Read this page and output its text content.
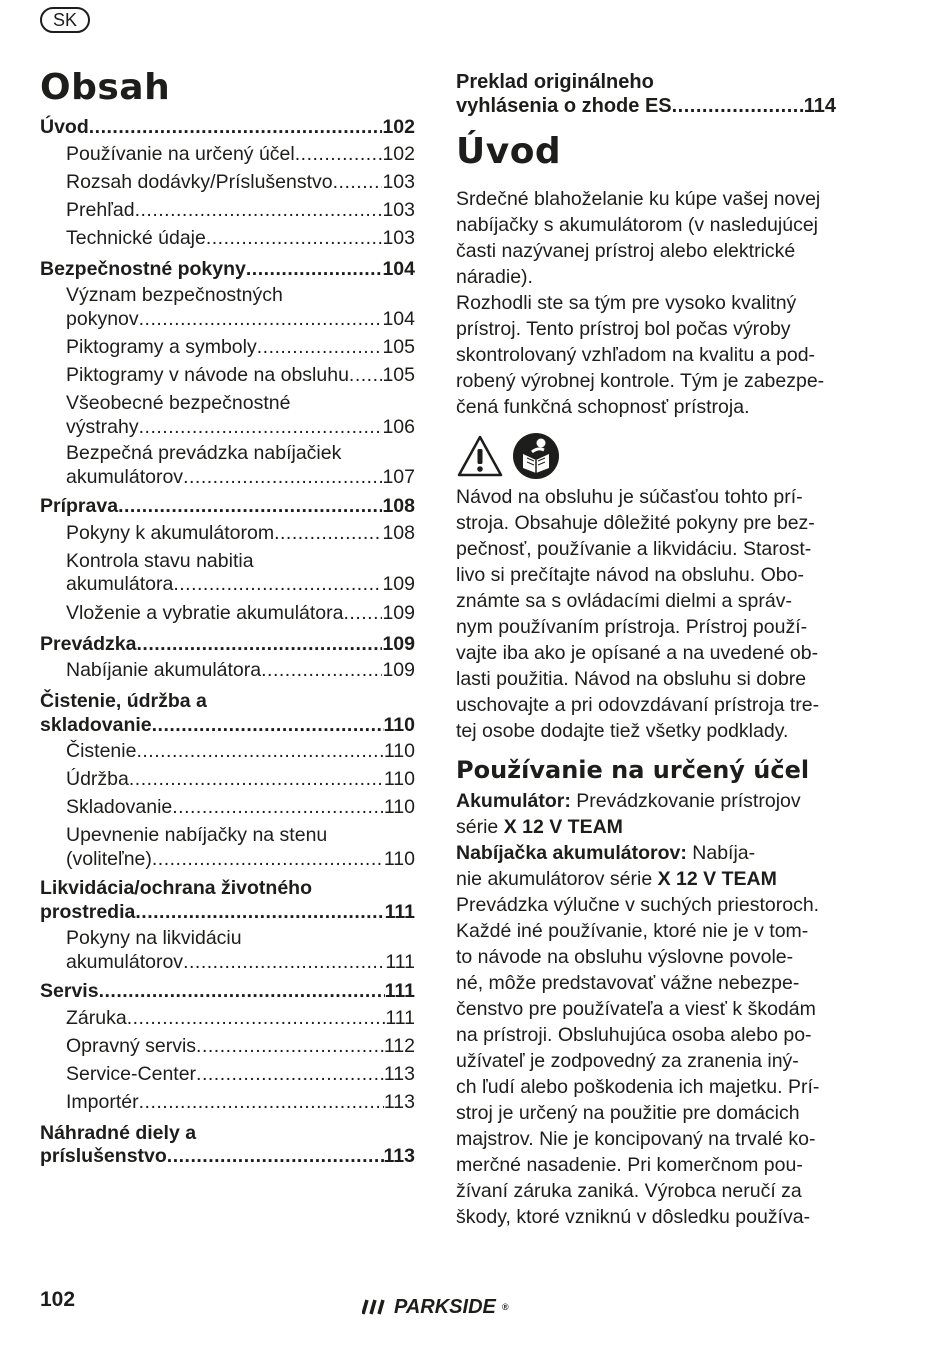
SK
Obsah
Úvod .....	102
Používanie na určený účel .....	102
Rozsah dodávky/Príslušenstvo .....	103
Prehľad .....	103
Technické údaje .....	103
Bezpečnostné pokyny .....	104
Význam bezpečnostných
pokynov .....	104
Piktogramy a symboly .....	105
Piktogramy v návode na obsluhu ..... 105
Všeobecné bezpečnostné
výstrahy .....	106
Bezpečná prevádzka nabíjačiek
akumulátorov .....	107
Príprava .....	108
Pokyny k akumulátorom .....	108
Kontrola stavu nabitia
akumulátora .....	109
Vloženie a vybratie akumulátora ..... 109
Prevádzka .....	109
Nabíjanie akumulátora .....	109
Čistenie, údržba a
skladovanie .....	110
Čistenie .....	110
Údržba .....	110
Skladovanie .....	110
Upevnenie nabíjačky na stenu
(voliteľne) .....	110
Likvidácia/ochrana životného
prostredia .....	111
Pokyny na likvidáciu
akumulátorov .....	111
Servis .....	111
Záruka .....	111
Opravný servis .....	112
Service-Center .....	113
Importér .....	113
Náhradné diely a
príslušenstvo .....	113
Preklad originálneho
vyhlásenia o zhode ES .....	114
Úvod

Srdečné blahoželanie ku kúpe vašej novej

nabíjačky s akumulátorom (v nasledujúcej

časti nazývanej prístroj alebo elektrické

náradie).

Rozhodli ste sa tým pre vysoko kvalitný

prístroj. Tento prístroj bol počas výroby

skontrolovaný vzhľadom na kvalitu a pod-

robený výrobnej kontrole. Tým je zabezpe-

čená funkčná schopnosť prístroja.

Návod na obsluhu je súčasťou tohto prí-

stroja. Obsahuje dôležité pokyny pre bez-

pečnosť, používanie a likvidáciu. Starost-

livo si prečítajte návod na obsluhu. Obo-

známte sa s ovládacími dielmi a správ-

nym používaním prístroja. Prístroj použí-

vajte iba ako je opísané a na uvedené ob-

lasti použitia. Návod na obsluhu si dobre

uschovajte a pri odovzdávaní prístroja tre-

tej osobe dodajte tiež všetky podklady.

Používanie na určený účel

Akumulátor: Prevádzkovanie prístrojov

série X 12 V TEAM

Nabíjačka akumulátorov: Nabíja-

nie akumulátorov série X 12 V TEAM

Prevádzka výlučne v suchých priestoroch.

Každé iné používanie, ktoré nie je v tom-

to návode na obsluhu výslovne povole-

né, môže predstavovať vážne nebezpe-

čenstvo pre používateľa a viesť k škodám

na prístroji. Obsluhujúca osoba alebo po-

užívateľ je zodpovedný za zranenia iný-

ch ľudí alebo poškodenia ich majetku. Prí-

stroj je určený na použitie pre domácich

majstrov. Nie je koncipovaný na trvalé ko-

merčné nasadenie. Pri komerčnom pou-

žívaní záruka zaniká. Výrobca neručí za

škody, ktoré vzniknú v dôsledku používa-

102	PARKSIDE ®
